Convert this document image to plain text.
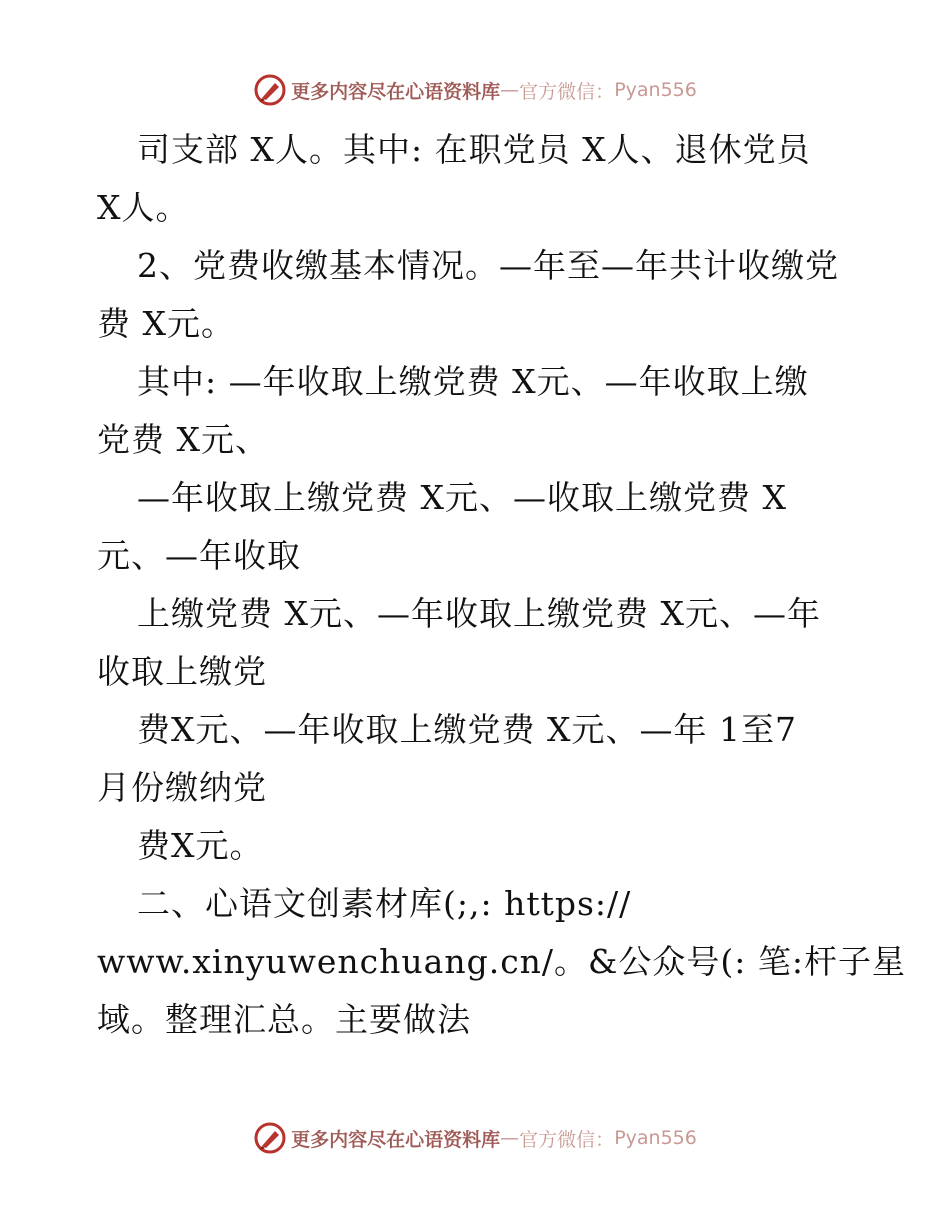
更多内容尽在心语资料库 — 官方微信： Pyan556
司支部 X人。其中: 在职党员 X人、退休党员
X人。
2、党费收缴基本情况。—年至—年共计收缴党
费 X元。
其中: —年收取上缴党费 X元、—年收取上缴
党费 X元、
—年收取上缴党费 X元、—收取上缴党费 X
元、—年收取
上缴党费 X元、—年收取上缴党费 X元、—年
收取上缴党
费X元、—年收取上缴党费 X元、—年 1至7
月份缴纳党
费X元。
二、心语文创素材库(;,: https://
www.xinyuwenchuang.cn/。&公众号(: 笔:杆子星
域。整理汇总。主要做法
更多内容尽在心语资料库 — 官方微信： Pyan556
